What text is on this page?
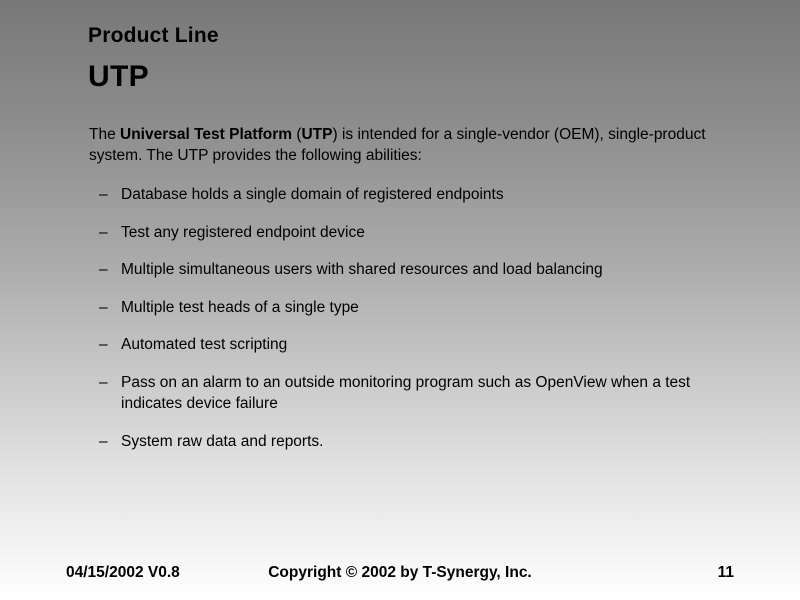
Product Line
UTP
The Universal Test Platform (UTP) is intended for a single-vendor (OEM), single-product system. The UTP provides the following abilities:
– Database holds a single domain of registered endpoints
– Test any registered endpoint device
– Multiple simultaneous users with shared resources and load balancing
– Multiple test heads of a single type
– Automated test scripting
– Pass on an alarm to an outside monitoring program such as OpenView when a test indicates device failure
– System raw data and reports.
04/15/2002 V0.8	Copyright © 2002 by T-Synergy, Inc.	11
